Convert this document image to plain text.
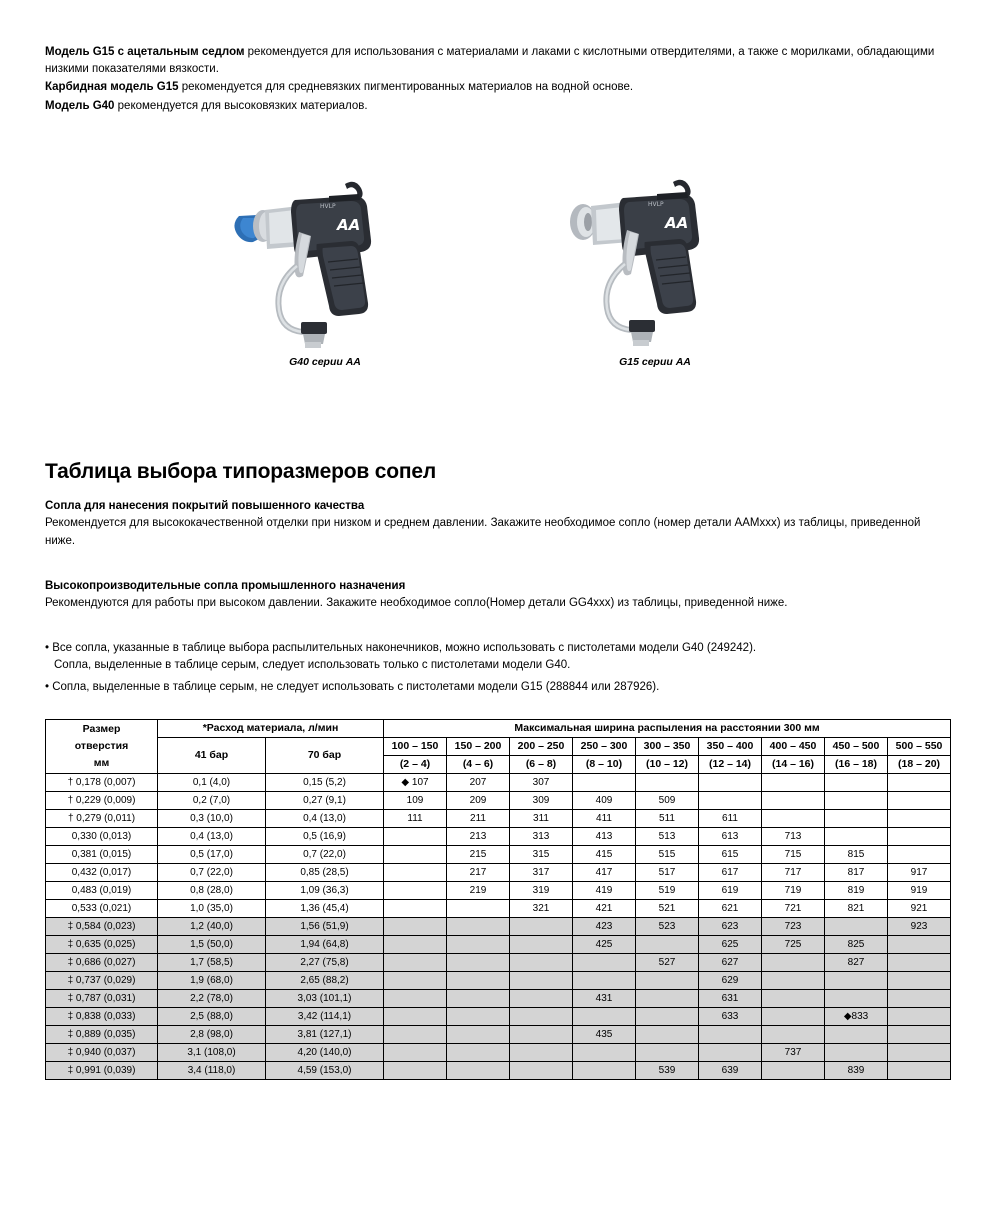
Модель G15 с ацетальным седлом рекомендуется для использования с материалами и лаками с кислотными отвердителями, а также с морилками, обладающими низкими показателями вязкости.

Карбидная модель G15 рекомендуется для средневязких пигментированных материалов на водной основе.

Модель G40 рекомендуется для высоковязких материалов.

AA
HVLP
G40 серии AA
AA
HVLP
G15 серии AA
Таблица выбора типоразмеров сопел
Сопла для нанесения покрытий повышенного качества
Рекомендуется для высококачественной отделки при низком и среднем давлении. Закажите необходимое сопло (номер детали AAMxxx) из таблицы, приведенной ниже.
Высокопроизводительные сопла промышленного назначения
Рекомендуются для работы при высоком давлении. Закажите необходимое сопло(Номер детали GG4xxx) из таблицы, приведенной ниже.
• Все сопла, указанные в таблице выбора распылительных наконечников, можно использовать с пистолетами модели G40 (249242).
Сопла, выделенные в таблице серым, следует использовать только с пистолетами модели G40.
• Сопла, выделенные в таблице серым, не следует использовать с пистолетами модели G15 (288844 или 287926).
Размер
отверстия
мм	*Расход материала, л/мин		Максимальная ширина распыления на расстоянии 300 мм								
	41 бар	70 бар	100 – 150	150 – 200	200 – 250	250 – 300	300 – 350	350 – 400	400 – 450	450 – 500	500 – 550
			(2 – 4)	(4 – 6)	(6 – 8)	(8 – 10)	(10 – 12)	(12 – 14)	(14 – 16)	(16 – 18)	(18 – 20)
† 0,178 (0,007)	0,1 (4,0)	0,15 (5,2)	◆ 107	207	307						
† 0,229 (0,009)	0,2 (7,0)	0,27 (9,1)	109	209	309	409	509				
† 0,279 (0,011)	0,3 (10,0)	0,4 (13,0)	111	211	311	411	511	611			
0,330 (0,013)	0,4 (13,0)	0,5 (16,9)		213	313	413	513	613	713		
0,381 (0,015)	0,5 (17,0)	0,7 (22,0)		215	315	415	515	615	715	815	
0,432 (0,017)	0,7 (22,0)	0,85 (28,5)		217	317	417	517	617	717	817	917
0,483 (0,019)	0,8 (28,0)	1,09 (36,3)		219	319	419	519	619	719	819	919
0,533 (0,021)	1,0 (35,0)	1,36 (45,4)			321	421	521	621	721	821	921
‡ 0,584 (0,023)	1,2 (40,0)	1,56 (51,9)				423	523	623	723		923
‡ 0,635 (0,025)	1,5 (50,0)	1,94 (64,8)				425		625	725	825	
‡ 0,686 (0,027)	1,7 (58,5)	2,27 (75,8)					527	627		827	
‡ 0,737 (0,029)	1,9 (68,0)	2,65 (88,2)						629			
‡ 0,787 (0,031)	2,2 (78,0)	3,03 (101,1)				431		631			
‡ 0,838 (0,033)	2,5 (88,0)	3,42 (114,1)						633		◆833	
‡ 0,889 (0,035)	2,8 (98,0)	3,81 (127,1)				435					
‡ 0,940 (0,037)	3,1 (108,0)	4,20 (140,0)							737		
‡ 0,991 (0,039)	3,4 (118,0)	4,59 (153,0)					539	639		839	
